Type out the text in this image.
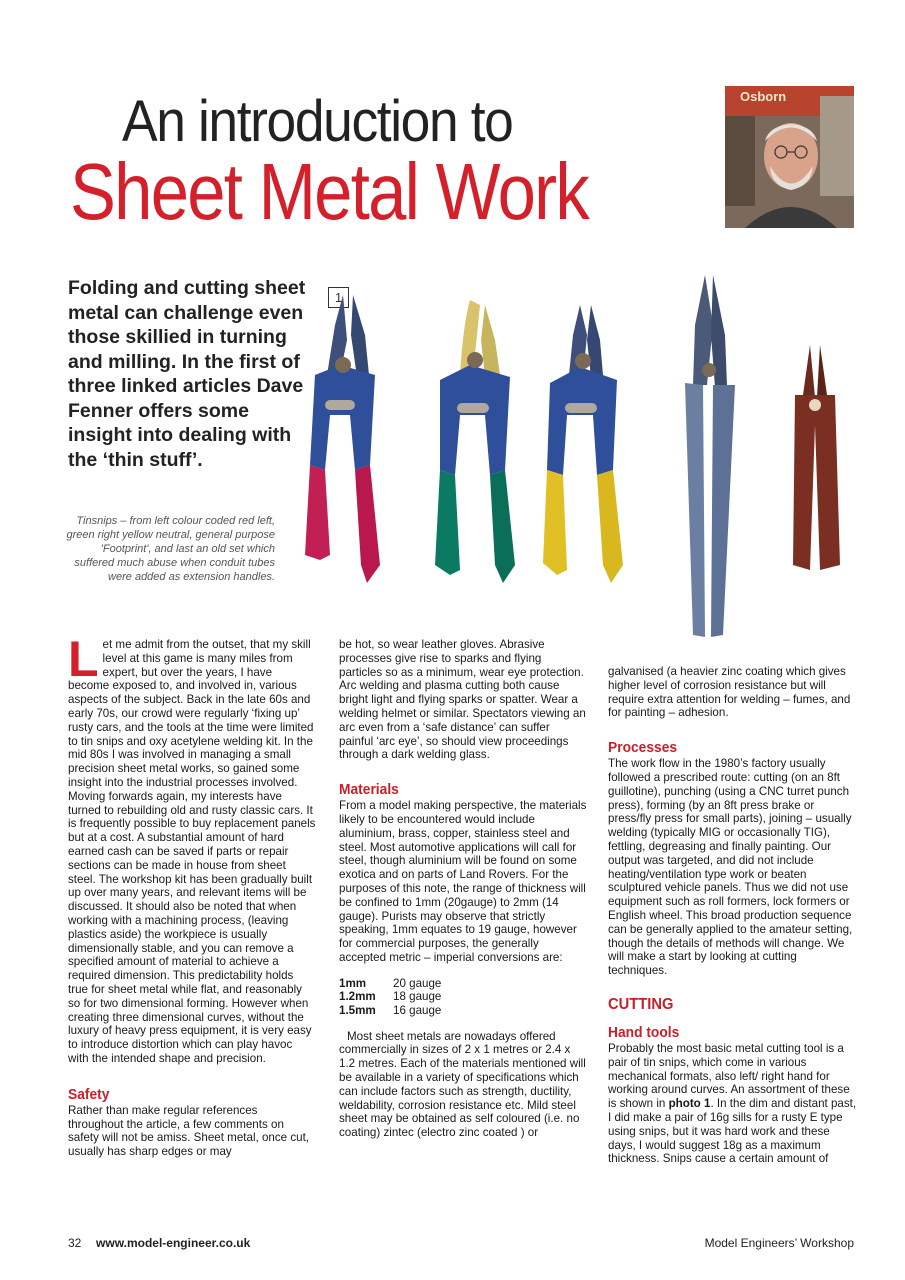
An introduction to
Sheet Metal Work
Osborn
Folding and cutting sheet metal can challenge even those skillied in turning and milling. In the first of three linked articles Dave Fenner offers some insight into dealing with the ‘thin stuff’.
1
Tinsnips – from left colour coded red left, green right yellow neutral, general purpose 'Footprint', and last an old set which suffered much abuse when conduit tubes were added as extension handles.

Let me admit from the outset, that my skill level at this game is many miles from expert, but over the years, I have become exposed to, and involved in, various aspects of the subject. Back in the late 60s and early 70s, our crowd were regularly ‘fixing up’ rusty cars, and the tools at the time were limited to tin snips and oxy acetylene welding kit. In the mid 80s I was involved in managing a small precision sheet metal works, so gained some insight into the industrial processes involved. Moving forwards again, my interests have turned to rebuilding old and rusty classic cars. It is frequently possible to buy replacement panels but at a cost. A substantial amount of hard earned cash can be saved if parts or repair sections can be made in house from sheet steel. The workshop kit has been gradually built up over many years, and relevant items will be discussed. It should also be noted that when working with a machining process, (leaving plastics aside) the workpiece is usually dimensionally stable, and you can remove a specified amount of material to achieve a required dimension. This predictability holds true for sheet metal while flat, and reasonably so for two dimensional forming. However when creating three dimensional curves, without the luxury of heavy press equipment, it is very easy to introduce distortion which can play havoc with the intended shape and precision.

Safety

Rather than make regular references throughout the article, a few comments on safety will not be amiss. Sheet metal, once cut, usually has sharp edges or may

be hot, so wear leather gloves. Abrasive processes give rise to sparks and flying particles so as a minimum, wear eye protection. Arc welding and plasma cutting both cause bright light and flying sparks or spatter. Wear a welding helmet or similar. Spectators viewing an arc even from a ‘safe distance’ can suffer painful ‘arc eye’, so should view proceedings through a dark welding glass.

Materials

From a model making perspective, the materials likely to be encountered would include aluminium, brass, copper, stainless steel and steel. Most automotive applications will call for steel, though aluminium will be found on some exotica and on parts of Land Rovers. For the purposes of this note, the range of thickness will be confined to 1mm (20gauge) to 2mm (14 gauge). Purists may observe that strictly speaking, 1mm equates to 19 gauge, however for commercial purposes, the generally accepted metric – imperial conversions are:

1mm	20 gauge
1.2mm	18 gauge
1.5mm	16 gauge

Most sheet metals are nowadays offered commercially in sizes of 2 x 1 metres or 2.4 x 1.2 metres. Each of the materials mentioned will be available in a variety of specifications which can include factors such as strength, ductility, weldability, corrosion resistance etc. Mild steel sheet may be obtained as self coloured (i.e. no coating) zintec (electro zinc coated ) or

galvanised (a heavier zinc coating which gives higher level of corrosion resistance but will require extra attention for welding – fumes, and for painting – adhesion.

Processes

The work flow in the 1980’s factory usually followed a prescribed route: cutting (on an 8ft guillotine), punching (using a CNC turret punch press), forming (by an 8ft press brake or press/fly press for small parts), joining – usually welding (typically MIG or occasionally TIG), fettling, degreasing and finally painting. Our output was targeted, and did not include heating/ventilation type work or beaten sculptured vehicle panels. Thus we did not use equipment such as roll formers, lock formers or English wheel. This broad production sequence can be generally applied to the amateur setting, though the details of methods will change. We will make a start by looking at cutting techniques.

CUTTING
Hand tools

Probably the most basic metal cutting tool is a pair of tin snips, which come in various mechanical formats, also left/ right hand for working around curves. An assortment of these is shown in photo 1. In the dim and distant past, I did make a pair of 16g sills for a rusty E type using snips, but it was hard work and these days, I would suggest 18g as a maximum thickness. Snips cause a certain amount of

32 www.model-engineer.co.uk	Model Engineers’ Workshop
